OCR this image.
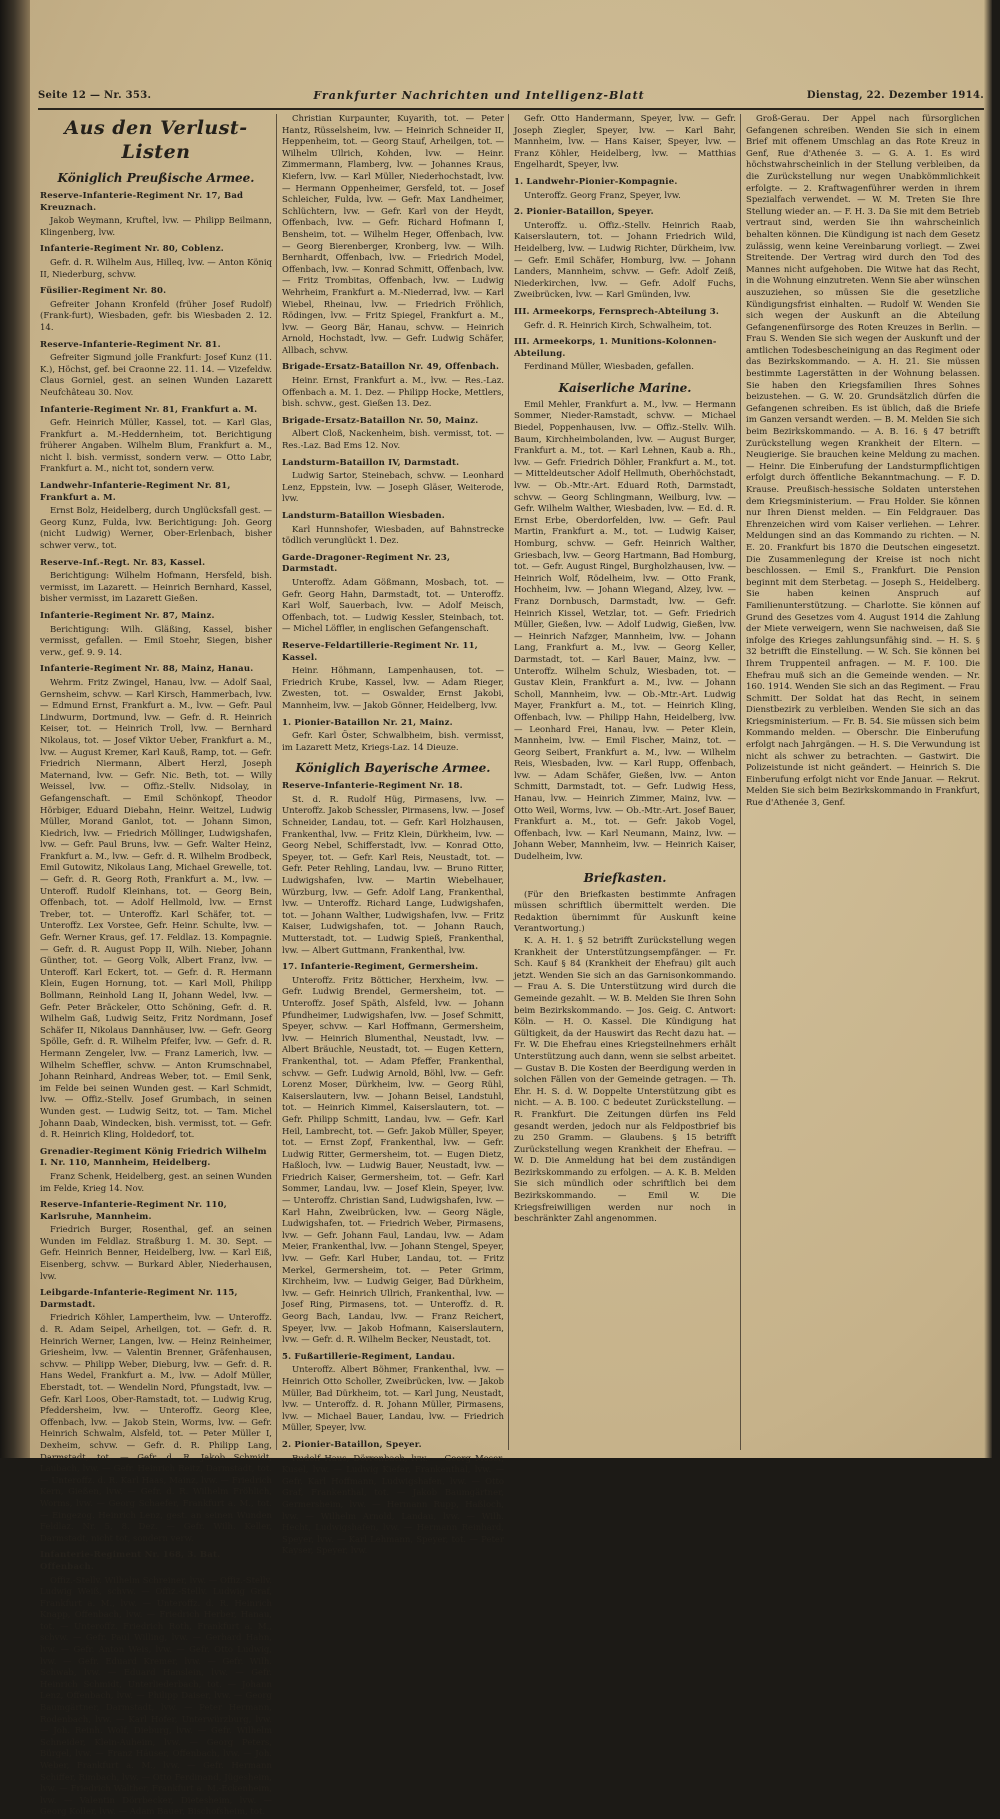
Seite 12 — Nr. 353.	Frankfurter Nachrichten und Intelligenz-Blatt	Dienstag, 22. Dezember 1914.
Aus den Verlust-Listen
Königlich Preußische Armee.
Reserve-Infanterie-Regiment Nr. 17, Bad Kreuznach.

Jakob Weymann, Kruftel, lvw. — Philipp Beilmann, Klingenberg, lvw.

Infanterie-Regiment Nr. 80, Coblenz.

Gefr. d. R. Wilhelm Aus, Hilleq, lvw. — Anton Köniq II, Niederburg, schvw.

Füsilier-Regiment Nr. 80.

Gefreiter Johann Kronfeld (früher Josef Rudolf) (Frank-furt), Wiesbaden, gefr. bis Wiesbaden 2. 12. 14.

Reserve-Infanterie-Regiment Nr. 81.

Gefreiter Sigmund jolle Frankfurt: Josef Kunz (11. K.), Höchst, gef. bei Craonne 22. 11. 14. — Vizefeldw. Claus Gorniel, gest. an seinen Wunden Lazarett Neufchâteau 30. Nov.

Infanterie-Regiment Nr. 81, Frankfurt a. M.

Gefr. Heinrich Müller, Kassel, tot. — Karl Glas, Frankfurt a. M.-Heddernheim, tot. Berichtigung früherer Angaben. Wilhelm Blum, Frankfurt a. M., nicht l. bish. vermisst, sondern verw. — Otto Labr, Frankfurt a. M., nicht tot, sondern verw.

Landwehr-Infanterie-Regiment Nr. 81, Frankfurt a. M.

Ernst Bolz, Heidelberg, durch Unglücksfall gest. — Georg Kunz, Fulda, lvw. Berichtigung: Joh. Georg (nicht Ludwig) Werner, Ober-Erlenbach, bisher schwer verw., tot.

Reserve-Inf.-Regt. Nr. 83, Kassel.

Berichtigung: Wilhelm Hofmann, Hersfeld, bish. vermisst, im Lazarett. — Heinrich Bernhard, Kassel, bisher vermisst, im Lazarett Gießen.

Infanterie-Regiment Nr. 87, Mainz.

Berichtigung: Wilh. Gläßing, Kassel, bisher vermisst, gefallen. — Emil Stoehr, Siegen, bisher verw., gef. 9. 9. 14.

Infanterie-Regiment Nr. 88, Mainz, Hanau.

Wehrm. Fritz Zwingel, Hanau, lvw. — Adolf Saal, Gernsheim, schvw. — Karl Kirsch, Hammerbach, lvw. — Edmund Ernst, Frankfurt a. M., lvw. — Gefr. Paul Lindwurm, Dortmund, lvw. — Gefr. d. R. Heinrich Keiser, tot. — Heinrich Troll, lvw. — Bernhard Nikolaus, tot. — Josef Viktor Ueber, Frankfurt a. M., lvw. — August Kremer, Karl Kauß, Ramp, tot. — Gefr. Friedrich Niermann, Albert Herzl, Joseph Maternand, lvw. — Gefr. Nic. Beth, tot. — Willy Weissel, lvw. — Offiz.-Stellv. Nidsolay, in Gefangenschaft. — Emil Schönkopf, Theodor Hörbiger, Eduard Diebahn, Heinr. Weitzel, Ludwig Müller, Morand Ganlot, tot. — Johann Simon, Kiedrich, lvw. — Friedrich Möllinger, Ludwigshafen, lvw. — Gefr. Paul Bruns, lvw. — Gefr. Walter Heinz, Frankfurt a. M., lvw. — Gefr. d. R. Wilhelm Brodbeck, Emil Gutowitz, Nikolaus Lang, Michael Grewelle, tot. — Gefr. d. R. Georg Roth, Frankfurt a. M., lvw. — Unteroff. Rudolf Kleinhans, tot. — Georg Bein, Offenbach, tot. — Adolf Hellmold, lvw. — Ernst Treber, tot. — Unteroffz. Karl Schäfer, tot. — Unteroffz. Lex Vorstee, Gefr. Heinr. Schulte, lvw. — Gefr. Werner Kraus, gef. 17. Feldlaz. 13. Kompagnie. — Gefr. d. R. August Popp II, Wilh. Nieber, Johann Günther, tot. — Georg Volk, Albert Franz, lvw. — Unteroff. Karl Eckert, tot. — Gefr. d. R. Hermann Klein, Eugen Hornung, tot. — Karl Moll, Philipp Bollmann, Reinhold Lang II, Johann Wedel, lvw. — Gefr. Peter Bräckeler, Otto Schöning, Gefr. d. R. Wilhelm Gaß, Ludwig Seitz, Fritz Nordmann, Josef Schäfer II, Nikolaus Dannhäuser, lvw. — Gefr. Georg Spölle, Gefr. d. R. Wilhelm Pfeifer, lvw. — Gefr. d. R. Hermann Zengeler, lvw. — Franz Lamerich, lvw. — Wilhelm Scheffler, schvw. — Anton Krumschnabel, Johann Reinhard, Andreas Weber, tot. — Emil Senk, im Felde bei seinen Wunden gest. — Karl Schmidt, lvw. — Offiz.-Stellv. Josef Grumbach, in seinen Wunden gest. — Ludwig Seitz, tot. — Tam. Michel Johann Daab, Windecken, bish. vermisst, tot. — Gefr. d. R. Heinrich Kling, Holdedorf, tot.

Grenadier-Regiment König Friedrich Wilhelm I. Nr. 110, Mannheim, Heidelberg.

Franz Schenk, Heidelberg, gest. an seinen Wunden im Felde, Krieg 14. Nov.

Reserve-Infanterie-Regiment Nr. 110, Karlsruhe, Mannheim.

Friedrich Burger, Rosenthal, gef. an seinen Wunden im Feldlaz. Straßburg 1. M. 30. Sept. — Gefr. Heinrich Benner, Heidelberg, lvw. — Karl Eiß, Eisenberg, schvw. — Burkard Abler, Niederhausen, lvw.

Leibgarde-Infanterie-Regiment Nr. 115, Darmstadt.

Friedrich Köhler, Lampertheim, lvw. — Unteroffz. d. R. Adam Seipel, Arheilgen, tot. — Gefr. d. R. Heinrich Werner, Langen, lvw. — Heinz Reinheimer, Griesheim, lvw. — Valentin Brenner, Gräfenhausen, schvw. — Philipp Weber, Dieburg, lvw. — Gefr. d. R. Hans Wedel, Frankfurt a. M., lvw. — Adolf Müller, Eberstadt, tot. — Wendelin Nord, Pfungstadt, lvw. — Gefr. Karl Loos, Ober-Ramstadt, tot. — Ludwig Krug, Pfeddersheim, lvw. — Unteroffz. Georg Klee, Offenbach, lvw. — Jakob Stein, Worms, lvw. — Gefr. Heinrich Schwalm, Alsfeld, tot. — Peter Müller I, Dexheim, schvw. — Gefr. d. R. Philipp Lang, Darmstadt, tot. — Gefr. d. R. Jakob Schmidt, Laubach, lvw. — Gefr. Heinrich Reitz, Darmstadt, tot. — Unteroffz. d. R. Karl Haas, Mainz, lvw. — Friedrich Kern, Gießen, lvw. — Gefr. d. R. Wilhelm Fröhlich, Worms, lvw. — Georg Schaefer, Frankfurt a. M., tot. — Eingezog. Heinrich Lenz, gest. an seinen Wunden Feldlaz. Nr. 5, 8. Dez. — Gefr. Wilh. Keller, Darmstadt, nicht tot, sondern verw.

Infanterie-Regiment Nr. 168, 3. Bat. Offenbach.

Offiz.-Stellv. Wilhelm Schreiner, lvw. — Offiz.-Stellv. Ludwig Weiß, schvw. — Offiz.-Stellv. Ludwig Graf, Frankfurt a. M., lvw. — Unteroffz. d. R. Heinrich Knapp, Offenbach, lvw. — Friedrich Herber, Hanau, tot. — Unteroffz. Friedrich Roth, Frankfurt a. M., schvw. — Gefr. Paul Willing, lvw. — Gerhard Hahn, lvw. — Gefr. Anton Weis, lvw. — Gefr. Otto Ludwig, lvw. — Gefr. Eduard Kremer, lvw. — Gefr. Wilh. Schwab, lvw. — Eduard Hanslein, lvw. — Gefr. Heinrich Schmidt, Unterliederbach, tot. — Johann Lenz, Offenbach, lvw. — Philipp Daiser, lvw. — Georg Baumgärtner, Darmstadt, lvw. — Peter Hermann, Rodenbach, lvw. — Karl Hofer, Unterwürzburg, lvw. — Joh. Reinh. Wolf, Dieburg, lvw. — Gefr. Wilhelm Schneider, Klein-Auheim, lvw. — Georg Peters, Bürgel, lvw. — Franz Häuser, Offenbach, lvw. — Joh. Weber, Frankfurt a. M., lvw. — Gefr. Hermann Schiffer, Rimbach, lvw. — Otto Ferdinand, Jügesheim, lvw. — Friedrich Walther, Frankfurt a. M.-Eckenheim, lvw. — Valentin Dörrbecker, Dietesheim, lvw. — Georg Koller, lvw. — Adam Bauer, Bischofsheim, tot.

Christian Kurpaunter, Kuyarith, tot. — Peter Hantz, Rüsselsheim, lvw. — Heinrich Schneider II, Heppenheim, tot. — Georg Stauf, Arheilgen, tot. — Wilhelm Ullrich, Kohden, lvw. — Heinr. Zimmermann, Flamberg, lvw. — Johannes Kraus, Kiefern, lvw. — Karl Müller, Niederhochstadt, lvw. — Hermann Oppenheimer, Gersfeld, tot. — Josef Schleicher, Fulda, lvw. — Gefr. Max Landheimer, Schlüchtern, lvw. — Gefr. Karl von der Heydt, Offenbach, lvw. — Gefr. Richard Hofmann I, Bensheim, tot. — Wilhelm Heger, Offenbach, lvw. — Georg Bierenberger, Kronberg, lvw. — Wilh. Bernhardt, Offenbach, lvw. — Friedrich Model, Offenbach, lvw. — Konrad Schmitt, Offenbach, lvw. — Fritz Trombitas, Offenbach, lvw. — Ludwig Wehrheim, Frankfurt a. M.-Niederrad, lvw. — Karl Wiebel, Rheinau, lvw. — Friedrich Fröhlich, Rödingen, lvw. — Fritz Spiegel, Frankfurt a. M., lvw. — Georg Bär, Hanau, schvw. — Heinrich Arnold, Hochstadt, lvw. — Gefr. Ludwig Schäfer, Allbach, schvw.

Brigade-Ersatz-Bataillon Nr. 49, Offenbach.

Heinr. Ernst, Frankfurt a. M., lvw. — Res.-Laz. Offenbach a. M. 1. Dez. — Philipp Hocke, Mettlers, bish. schvw., gest. Gießen 13. Dez.

Brigade-Ersatz-Bataillon Nr. 50, Mainz.

Albert Cloß, Nackenheim, bish. vermisst, tot. — Res.-Laz. Bad Ems 12. Nov.

Landsturm-Bataillon IV, Darmstadt.

Ludwig Sartor, Steinebach, schvw. — Leonhard Lenz, Eppstein, lvw. — Joseph Gläser, Weiterode, lvw.

Landsturm-Bataillon Wiesbaden.

Karl Hunnshofer, Wiesbaden, auf Bahnstrecke tödlich verunglückt 1. Dez.

Garde-Dragoner-Regiment Nr. 23, Darmstadt.

Unteroffz. Adam Gößmann, Mosbach, tot. — Gefr. Georg Hahn, Darmstadt, tot. — Unteroffz. Karl Wolf, Sauerbach, lvw. — Adolf Meisch, Offenbach, tot. — Ludwig Kessler, Steinbach, tot. — Michel Löffler, in englischen Gefangenschaft.

Reserve-Feldartillerie-Regiment Nr. 11, Kassel.

Heinr. Höhmann, Lampenhausen, tot. — Friedrich Krube, Kassel, lvw. — Adam Rieger, Zwesten, tot. — Oswalder, Ernst Jakobi, Mannheim, lvw. — Jakob Gönner, Heidelberg, lvw.

1. Pionier-Bataillon Nr. 21, Mainz.

Gefr. Karl Öster, Schwalbheim, bish. vermisst, im Lazarett Metz, Kriegs-Laz. 14 Dieuze.

Königlich Bayerische Armee.
Reserve-Infanterie-Regiment Nr. 18.

St. d. R. Rudolf Hüg, Pirmasens, lvw. — Unteroffz. Jakob Schessler, Pirmasens, lvw. — Josef Schneider, Landau, tot. — Gefr. Karl Holzhausen, Frankenthal, lvw. — Fritz Klein, Dürkheim, lvw. — Georg Nebel, Schifferstadt, lvw. — Konrad Otto, Speyer, tot. — Gefr. Karl Reis, Neustadt, tot. — Gefr. Peter Rehling, Landau, lvw. — Bruno Ritter, Ludwigshafen, lvw. — Martin Wiebelhauer, Würzburg, lvw. — Gefr. Adolf Lang, Frankenthal, lvw. — Unteroffz. Richard Lange, Ludwigshafen, tot. — Johann Walther, Ludwigshafen, lvw. — Fritz Kaiser, Ludwigshafen, tot. — Johann Rauch, Mutterstadt, tot. — Ludwig Spieß, Frankenthal, lvw. — Albert Guttmann, Frankenthal, lvw.

17. Infanterie-Regiment, Germersheim.

Unteroffz. Fritz Bötticher, Herxheim, lvw. — Gefr. Ludwig Brendel, Germersheim, tot. — Unteroffz. Josef Späth, Alsfeld, lvw. — Johann Pfundheimer, Ludwigshafen, lvw. — Josef Schmitt, Speyer, schvw. — Karl Hoffmann, Germersheim, lvw. — Heinrich Blumenthal, Neustadt, lvw. — Albert Bräuchle, Neustadt, tot. — Eugen Kettern, Frankenthal, tot. — Adam Pfeffer, Frankenthal, schvw. — Gefr. Ludwig Arnold, Böhl, lvw. — Gefr. Lorenz Moser, Dürkheim, lvw. — Georg Rühl, Kaiserslautern, lvw. — Johann Beisel, Landstuhl, tot. — Heinrich Kimmel, Kaiserslautern, tot. — Gefr. Philipp Schmitt, Landau, lvw. — Gefr. Karl Heil, Lambrecht, tot. — Gefr. Jakob Müller, Speyer, tot. — Ernst Zopf, Frankenthal, lvw. — Gefr. Ludwig Ritter, Germersheim, tot. — Eugen Dietz, Haßloch, lvw. — Ludwig Bauer, Neustadt, lvw. — Friedrich Kaiser, Germersheim, tot. — Gefr. Karl Sommer, Landau, lvw. — Josef Klein, Speyer, lvw. — Unteroffz. Christian Sand, Ludwigshafen, lvw. — Karl Hahn, Zweibrücken, lvw. — Georg Nägle, Ludwigshafen, tot. — Friedrich Weber, Pirmasens, lvw. — Gefr. Johann Faul, Landau, lvw. — Adam Meier, Frankenthal, lvw. — Johann Stengel, Speyer, lvw. — Gefr. Karl Huber, Landau, tot. — Fritz Merkel, Germersheim, tot. — Peter Grimm, Kirchheim, lvw. — Ludwig Geiger, Bad Dürkheim, lvw. — Gefr. Heinrich Ullrich, Frankenthal, lvw. — Josef Ring, Pirmasens, tot. — Unteroffz. d. R. Georg Bach, Landau, lvw. — Franz Reichert, Speyer, lvw. — Jakob Hofmann, Kaiserslautern, lvw. — Gefr. d. R. Wilhelm Becker, Neustadt, tot.

5. Fußartillerie-Regiment, Landau.

Unteroffz. Albert Böhmer, Frankenthal, lvw. — Heinrich Otto Scholler, Zweibrücken, lvw. — Jakob Müller, Bad Dürkheim, tot. — Karl Jung, Neustadt, lvw. — Unteroffz. d. R. Johann Müller, Pirmasens, lvw. — Michael Bauer, Landau, lvw. — Friedrich Müller, Speyer, lvw.

2. Pionier-Bataillon, Speyer.

Rudolf Haus, Dörrenbach, lvw. — Georg Moser, Kusel, lvw. — Ludwig Kiefer, Frankenthal, lvw. — Gefr. Karl Hoffmann, Ludwigshafen, lvw. — Otto Graf, Frankenthal, tot. — Jakob Baumgärtner, Germersheim, lvw. — Hermann Rupp, Haßloch, lvw. — Wilhelm Arnold, Landau, lvw. — Wilh. Hecht, Ludwigshafen, lvw. — Hermann Reinhard, Speyer, lvw. — Karl Lehmann, Speyer, tot. — Peter Kayser, Speyer, lvw.

Gefr. Otto Handermann, Speyer, lvw. — Gefr. Joseph Ziegler, Speyer, lvw. — Karl Bahr, Mannheim, lvw. — Hans Kaiser, Speyer, lvw. — Franz Köhler, Heidelberg, lvw. — Matthias Engelhardt, Speyer, lvw.

1. Landwehr-Pionier-Kompagnie.

Unteroffz. Georg Franz, Speyer, lvw.

2. Pionier-Bataillon, Speyer.

Unteroffz. u. Offiz.-Stellv. Heinrich Raab, Kaiserslautern, tot. — Johann Friedrich Wild, Heidelberg, lvw. — Ludwig Richter, Dürkheim, lvw. — Gefr. Emil Schäfer, Homburg, lvw. — Johann Landers, Mannheim, schvw. — Gefr. Adolf Zeiß, Niederkirchen, lvw. — Gefr. Adolf Fuchs, Zweibrücken, lvw. — Karl Gmünden, lvw.

III. Armeekorps, Fernsprech-Abteilung 3.

Gefr. d. R. Heinrich Kirch, Schwalheim, tot.

III. Armeekorps, 1. Munitions-Kolonnen-Abteilung.

Ferdinand Müller, Wiesbaden, gefallen.

Kaiserliche Marine.

Emil Mehler, Frankfurt a. M., lvw. — Hermann Sommer, Nieder-Ramstadt, schvw. — Michael Biedel, Poppenhausen, lvw. — Offiz.-Stellv. Wilh. Baum, Kirchheimbolanden, lvw. — August Burger, Frankfurt a. M., tot. — Karl Lehnen, Kaub a. Rh., lvw. — Gefr. Friedrich Döhler, Frankfurt a. M., tot. — Mitteldeutscher Adolf Hellmuth, Oberhöchstadt, lvw. — Ob.-Mtr.-Art. Eduard Roth, Darmstadt, schvw. — Georg Schlingmann, Weilburg, lvw. — Gefr. Wilhelm Walther, Wiesbaden, lvw. — Ed. d. R. Ernst Erbe, Oberdorfelden, lvw. — Gefr. Paul Martin, Frankfurt a. M., tot. — Ludwig Kaiser, Homburg, schvw. — Gefr. Heinrich Walther, Griesbach, lvw. — Georg Hartmann, Bad Homburg, tot. — Gefr. August Ringel, Burgholzhausen, lvw. — Heinrich Wolf, Rödelheim, lvw. — Otto Frank, Hochheim, lvw. — Johann Wiegand, Alzey, lvw. — Franz Dornbusch, Darmstadt, lvw. — Gefr. Heinrich Kissel, Wetzlar, tot. — Gefr. Friedrich Müller, Gießen, lvw. — Adolf Ludwig, Gießen, lvw. — Heinrich Nafzger, Mannheim, lvw. — Johann Lang, Frankfurt a. M., lvw. — Georg Keller, Darmstadt, tot. — Karl Bauer, Mainz, lvw. — Unteroffz. Wilhelm Schulz, Wiesbaden, tot. — Gustav Klein, Frankfurt a. M., lvw. — Johann Scholl, Mannheim, lvw. — Ob.-Mtr.-Art. Ludwig Mayer, Frankfurt a. M., tot. — Heinrich Kling, Offenbach, lvw. — Philipp Hahn, Heidelberg, lvw. — Leonhard Frei, Hanau, lvw. — Peter Klein, Mannheim, lvw. — Emil Fischer, Mainz, tot. — Georg Seibert, Frankfurt a. M., lvw. — Wilhelm Reis, Wiesbaden, lvw. — Karl Rupp, Offenbach, lvw. — Adam Schäfer, Gießen, lvw. — Anton Schmitt, Darmstadt, tot. — Gefr. Ludwig Hess, Hanau, lvw. — Heinrich Zimmer, Mainz, lvw. — Otto Weil, Worms, lvw. — Ob.-Mtr.-Art. Josef Bauer, Frankfurt a. M., tot. — Gefr. Jakob Vogel, Offenbach, lvw. — Karl Neumann, Mainz, lvw. — Johann Weber, Mannheim, lvw. — Heinrich Kaiser, Dudelheim, lvw.

Briefkasten.

(Für den Briefkasten bestimmte Anfragen müssen schriftlich übermittelt werden. Die Redaktion übernimmt für Auskunft keine Verantwortung.)

K. A. H. 1. § 52 betrifft Zurückstellung wegen Krankheit der Unterstützungsempfänger. — Fr. Sch. Kauf § 84 (Krankheit der Ehefrau) gilt auch jetzt. Wenden Sie sich an das Garnisonkommando. — Frau A. S. Die Unterstützung wird durch die Gemeinde gezahlt. — W. B. Melden Sie Ihren Sohn beim Bezirkskommando. — Jos. Geig. C. Antwort: Köln. — H. O. Kassel. Die Kündigung hat Gültigkeit, da der Hauswirt das Recht dazu hat. — Fr. W. Die Ehefrau eines Kriegsteilnehmers erhält Unterstützung auch dann, wenn sie selbst arbeitet. — Gustav B. Die Kosten der Beerdigung werden in solchen Fällen von der Gemeinde getragen. — Th. Ehr. H. S. d. W. Doppelte Unterstützung gibt es nicht. — A. B. 100. C bedeutet Zurückstellung. — R. Frankfurt. Die Zeitungen dürfen ins Feld gesandt werden, jedoch nur als Feldpostbrief bis zu 250 Gramm. — Glaubens. § 15 betrifft Zurückstellung wegen Krankheit der Ehefrau. — W. D. Die Anmeldung hat bei dem zuständigen Bezirkskommando zu erfolgen. — A. K. B. Melden Sie sich mündlich oder schriftlich bei dem Bezirkskommando. — Emil W. Die Kriegsfreiwilligen werden nur noch in beschränkter Zahl angenommen.

Groß-Gerau. Der Appel nach fürsorglichen Gefangenen schreiben. Wenden Sie sich in einem Brief mit offenem Umschlag an das Rote Kreuz in Genf, Rue d'Athenée 3. — G. A. 1. Es wird höchstwahrscheinlich in der Stellung verbleiben, da die Zurückstellung nur wegen Unabkömmlichkeit erfolgte. — 2. Kraftwagenführer werden in ihrem Spezialfach verwendet. — W. M. Treten Sie Ihre Stellung wieder an. — F. H. 3. Da Sie mit dem Betrieb vertraut sind, werden Sie ihn wahrscheinlich behalten können. Die Kündigung ist nach dem Gesetz zulässig, wenn keine Vereinbarung vorliegt. — Zwei Streitende. Der Vertrag wird durch den Tod des Mannes nicht aufgehoben. Die Witwe hat das Recht, in die Wohnung einzutreten. Wenn Sie aber wünschen auszuziehen, so müssen Sie die gesetzliche Kündigungsfrist einhalten. — Rudolf W. Wenden Sie sich wegen der Auskunft an die Abteilung Gefangenenfürsorge des Roten Kreuzes in Berlin. — Frau S. Wenden Sie sich wegen der Auskunft und der amtlichen Todesbescheinigung an das Regiment oder das Bezirkskommando. — A. H. 21. Sie müssen bestimmte Lagerstätten in der Wohnung belassen. Sie haben den Kriegsfamilien Ihres Sohnes beizustehen. — G. W. 20. Grundsätzlich dürfen die Gefangenen schreiben. Es ist üblich, daß die Briefe im Ganzen versandt werden. — B. M. Melden Sie sich beim Bezirkskommando. — A. B. 16. § 47 betrifft Zurückstellung wegen Krankheit der Eltern. — Neugierige. Sie brauchen keine Meldung zu machen. — Heinr. Die Einberufung der Landsturmpflichtigen erfolgt durch öffentliche Bekanntmachung. — F. D. Krause. Preußisch-hessische Soldaten unterstehen dem Kriegsministerium. — Frau Holder. Sie können nur Ihren Dienst melden. — Ein Feldgrauer. Das Ehrenzeichen wird vom Kaiser verliehen. — Lehrer. Meldungen sind an das Kommando zu richten. — N. E. 20. Frankfurt bis 1870 die Deutschen eingesetzt. Die Zusammenlegung der Kreise ist noch nicht beschlossen. — Emil S., Frankfurt. Die Pension beginnt mit dem Sterbetag. — Joseph S., Heidelberg. Sie haben keinen Anspruch auf Familienunterstützung. — Charlotte. Sie können auf Grund des Gesetzes vom 4. August 1914 die Zahlung der Miete verweigern, wenn Sie nachweisen, daß Sie infolge des Krieges zahlungsunfähig sind. — H. S. § 32 betrifft die Einstellung. — W. Sch. Sie können bei Ihrem Truppenteil anfragen. — M. F. 100. Die Ehefrau muß sich an die Gemeinde wenden. — Nr. 160. 1914. Wenden Sie sich an das Regiment. — Frau Schmitt. Der Soldat hat das Recht, in seinem Dienstbezirk zu verbleiben. Wenden Sie sich an das Kriegsministerium. — Fr. B. 54. Sie müssen sich beim Kommando melden. — Oberschr. Die Einberufung erfolgt nach Jahrgängen. — H. S. Die Verwundung ist nicht als schwer zu betrachten. — Gastwirt. Die Polizeistunde ist nicht geändert. — Heinrich S. Die Einberufung erfolgt nicht vor Ende Januar. — Rekrut. Melden Sie sich beim Bezirkskommando in Frankfurt, Rue d'Athenée 3, Genf.
